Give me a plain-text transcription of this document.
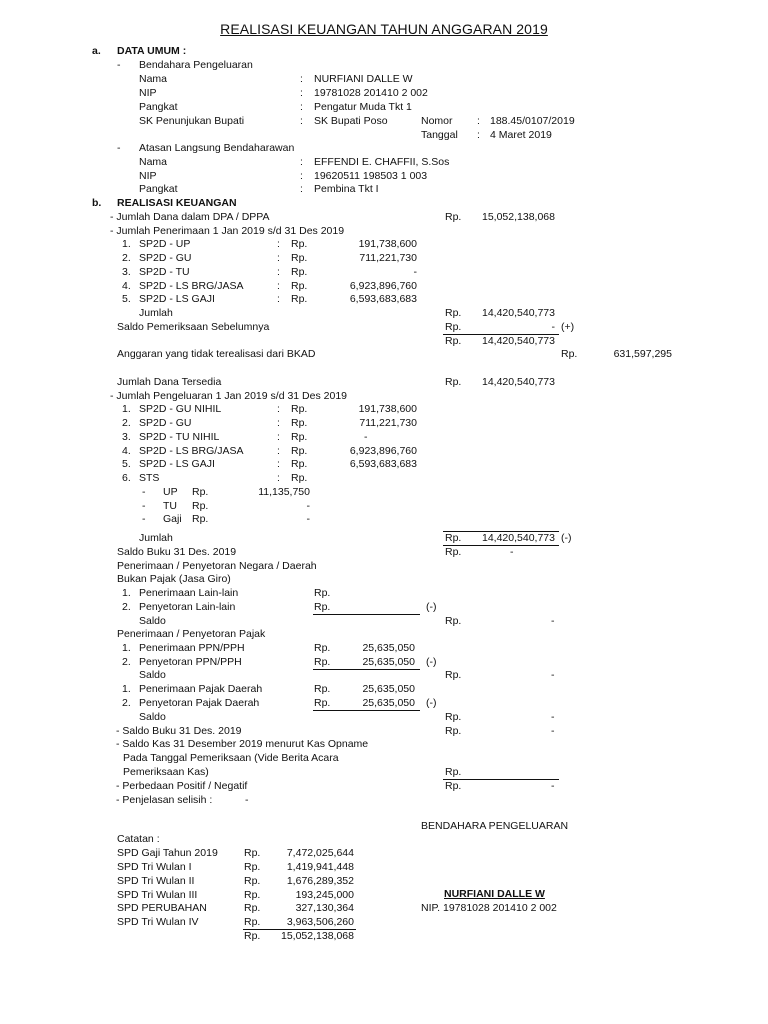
REALISASI KEUANGAN TAHUN ANGGARAN 2019
a. DATA UMUM :
- Bendahara Pengeluaran
Nama	: NURFIANI DALLE W
NIP	: 19781028 201410 2 002
Pangkat	: Pengatur Muda Tkt 1
SK Penunjukan Bupati	: SK Bupati Poso	Nomor : 188.45/0107/2019
Tanggal : 4 Maret 2019
- Atasan Langsung Bendaharawan
Nama	: EFFENDI E. CHAFFII, S.Sos
NIP	: 19620511 198503 1 003
Pangkat	: Pembina Tkt I
b. REALISASI KEUANGAN
- Jumlah Dana dalam DPA / DPPA	Rp.	15,052,138,068
- Jumlah Penerimaan 1 Jan 2019 s/d 31 Des 2019
1. SP2D - UP	: Rp.	191,738,600
2. SP2D - GU	: Rp.	711,221,730
3. SP2D - TU	: Rp.	-
4. SP2D - LS BRG/JASA	: Rp.	6,923,896,760
5. SP2D - LS GAJI	: Rp.	6,593,683,683
Jumlah	Rp.	14,420,540,773
Saldo Pemeriksaan Sebelumnya	Rp.	- (+)
Rp.	14,420,540,773
Anggaran yang tidak terealisasi dari BKAD	Rp.	631,597,295
Jumlah Dana Tersedia	Rp.	14,420,540,773
- Jumlah Pengeluaran 1 Jan 2019 s/d 31 Des 2019
1. SP2D - GU NIHIL	: Rp.	191,738,600
2. SP2D - GU	: Rp.	711,221,730
3. SP2D - TU NIHIL	: Rp.	-
4. SP2D - LS BRG/JASA	: Rp.	6,923,896,760
5. SP2D - LS GAJI	: Rp.	6,593,683,683
6. STS	: Rp.
- UP Rp.	11,135,750
- TU Rp.	-
- Gaji Rp.	-
Jumlah	Rp.	14,420,540,773 (-)
Saldo Buku 31 Des. 2019	Rp.	-
Penerimaan / Penyetoran Negara / Daerah
Bukan Pajak (Jasa Giro)
1. Penerimaan Lain-lain	Rp.
2. Penyetoran Lain-lain	Rp.	(-)
Saldo	Rp.	-
Penerimaan / Penyetoran Pajak
1. Penerimaan PPN/PPH	Rp.	25,635,050
2. Penyetoran PPN/PPH	Rp.	25,635,050 (-)
Saldo	Rp.	-
1. Penerimaan Pajak Daerah	Rp.	25,635,050
2. Penyetoran Pajak Daerah	Rp.	25,635,050 (-)
Saldo	Rp.	-
- Saldo Buku 31 Des. 2019	Rp.	-
- Saldo Kas 31 Desember 2019 menurut Kas Opname
Pada Tanggal Pemeriksaan (Vide Berita Acara
Pemeriksaan Kas)	Rp.
- Perbedaan Positif / Negatif	Rp.	-
- Penjelasan selisih :	-
Catatan :
SPD Gaji Tahun 2019 Rp.	7,472,025,644
SPD Tri Wulan I	Rp.	1,419,941,448
SPD Tri Wulan II	Rp.	1,676,289,352
SPD Tri Wulan III	Rp.	193,245,000
SPD PERUBAHAN	Rp.	327,130,364
SPD Tri Wulan IV	Rp.	3,963,506,260
Rp.	15,052,138,068
BENDAHARA PENGELUARAN
NURFIANI DALLE W
NIP. 19781028 201410 2 002
